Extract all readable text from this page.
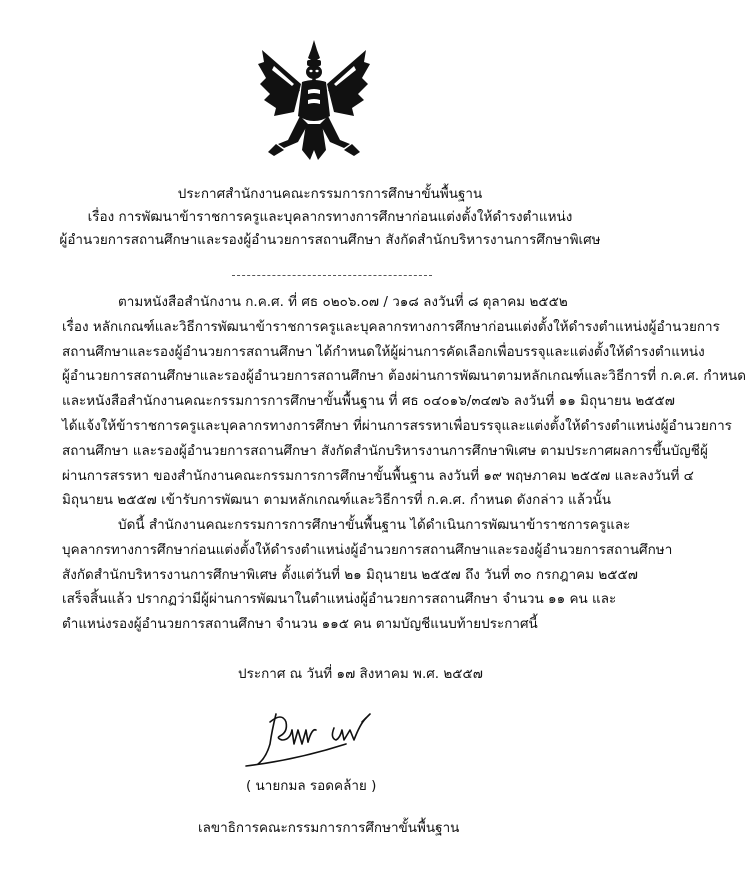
ประกาศสำนักงานคณะกรรมการการศึกษาขั้นพื้นฐาน
เรื่อง การพัฒนาข้าราชการครูและบุคลากรทางการศึกษาก่อนแต่งตั้งให้ดำรงตำแหน่ง
ผู้อำนวยการสถานศึกษาและรองผู้อำนวยการสถานศึกษา สังกัดสำนักบริหารงานการศึกษาพิเศษ
ตามหนังสือสำนักงาน ก.ค.ศ. ที่ ศธ ๐๒๐๖.๐๗ / ว๑๘ ลงวันที่ ๘ ตุลาคม ๒๕๕๒
เรื่อง หลักเกณฑ์และวิธีการพัฒนาข้าราชการครูและบุคลากรทางการศึกษาก่อนแต่งตั้งให้ดำรงตำแหน่งผู้อำนวยการ
สถานศึกษาและรองผู้อำนวยการสถานศึกษา ได้กำหนดให้ผู้ผ่านการคัดเลือกเพื่อบรรจุและแต่งตั้งให้ดำรงตำแหน่ง
ผู้อำนวยการสถานศึกษาและรองผู้อำนวยการสถานศึกษา ต้องผ่านการพัฒนาตามหลักเกณฑ์และวิธีการที่ ก.ค.ศ. กำหนด
และหนังสือสำนักงานคณะกรรมการการศึกษาขั้นพื้นฐาน ที่ ศธ ๐๔๐๑๖/๓๔๗๖ ลงวันที่ ๑๑ มิถุนายน ๒๕๕๗
ได้แจ้งให้ข้าราชการครูและบุคลากรทางการศึกษา ที่ผ่านการสรรหาเพื่อบรรจุและแต่งตั้งให้ดำรงตำแหน่งผู้อำนวยการ
สถานศึกษา และรองผู้อำนวยการสถานศึกษา สังกัดสำนักบริหารงานการศึกษาพิเศษ ตามประกาศผลการขึ้นบัญชีผู้
ผ่านการสรรหา ของสำนักงานคณะกรรมการการศึกษาขั้นพื้นฐาน ลงวันที่ ๑๙ พฤษภาคม ๒๕๕๗ และลงวันที่ ๔
มิถุนายน ๒๕๕๗ เข้ารับการพัฒนา ตามหลักเกณฑ์และวิธีการที่ ก.ค.ศ. กำหนด ดังกล่าว แล้วนั้น
บัดนี้ สำนักงานคณะกรรมการการศึกษาขั้นพื้นฐาน ได้ดำเนินการพัฒนาข้าราชการครูและ
บุคลากรทางการศึกษาก่อนแต่งตั้งให้ดำรงตำแหน่งผู้อำนวยการสถานศึกษาและรองผู้อำนวยการสถานศึกษา
สังกัดสำนักบริหารงานการศึกษาพิเศษ ตั้งแต่วันที่ ๒๑ มิถุนายน ๒๕๕๗ ถึง วันที่ ๓๐ กรกฎาคม ๒๕๕๗
เสร็จสิ้นแล้ว ปรากฏว่ามีผู้ผ่านการพัฒนาในตำแหน่งผู้อำนวยการสถานศึกษา จำนวน ๑๑ คน และ
ตำแหน่งรองผู้อำนวยการสถานศึกษา จำนวน ๑๑๕ คน ตามบัญชีแนบท้ายประกาศนี้
ประกาศ ณ วันที่ ๑๗ สิงหาคม พ.ศ. ๒๕๕๗
( นายกมล รอดคล้าย )
เลขาธิการคณะกรรมการการศึกษาขั้นพื้นฐาน
